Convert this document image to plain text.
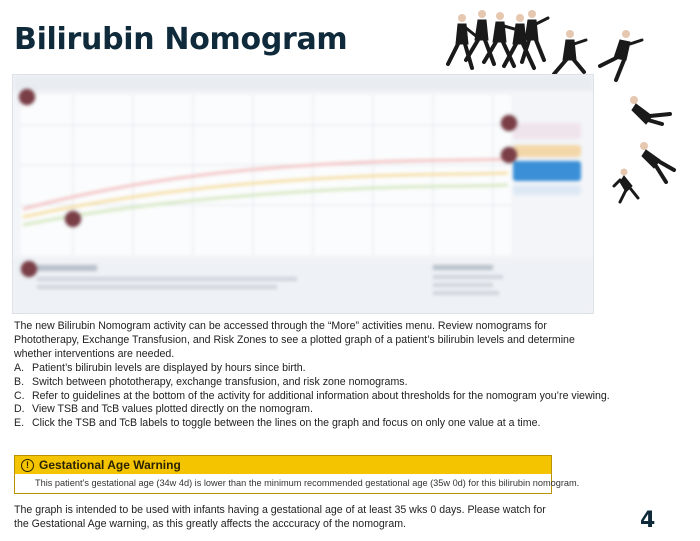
Bilirubin Nomogram
The new Bilirubin Nomogram activity can be accessed through the “More” activities menu. Review nomograms for Phototherapy, Exchange Transfusion, and Risk Zones to see a plotted graph of a patient’s bilirubin levels and determine whether interventions are needed.
A. Patient’s bilirubin levels are displayed by hours since birth.
B. Switch between phototherapy, exchange transfusion, and risk zone nomograms.
C. Refer to guidelines at the bottom of the activity for additional information about thresholds for the nomogram you’re viewing.
D. View TSB and TcB values plotted directly on the nomogram.
E. Click the TSB and TcB labels to toggle between the lines on the graph and focus on only one value at a time.
! Gestational Age Warning
This patient’s gestational age (34w 4d) is lower than the minimum recommended gestational age (35w 0d) for this bilirubin nomogram.
The graph is intended to be used with infants having a gestational age of at least 35 wks 0 days. Please watch for the Gestational Age warning, as this greatly affects the acccuracy of the nomogram.	4
